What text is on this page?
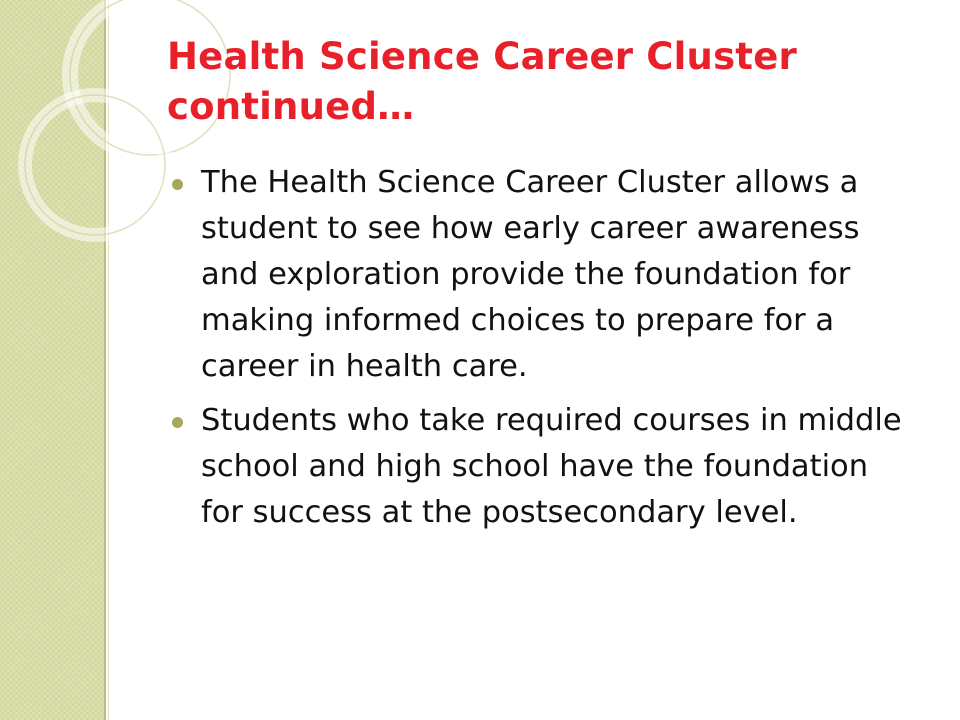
Health Science Career Cluster continued…
The Health Science Career Cluster allows a student to see how early career awareness and exploration provide the foundation for making informed choices to prepare for a career in health care.
Students who take required courses in middle school and high school have the foundation for success at the postsecondary level.
